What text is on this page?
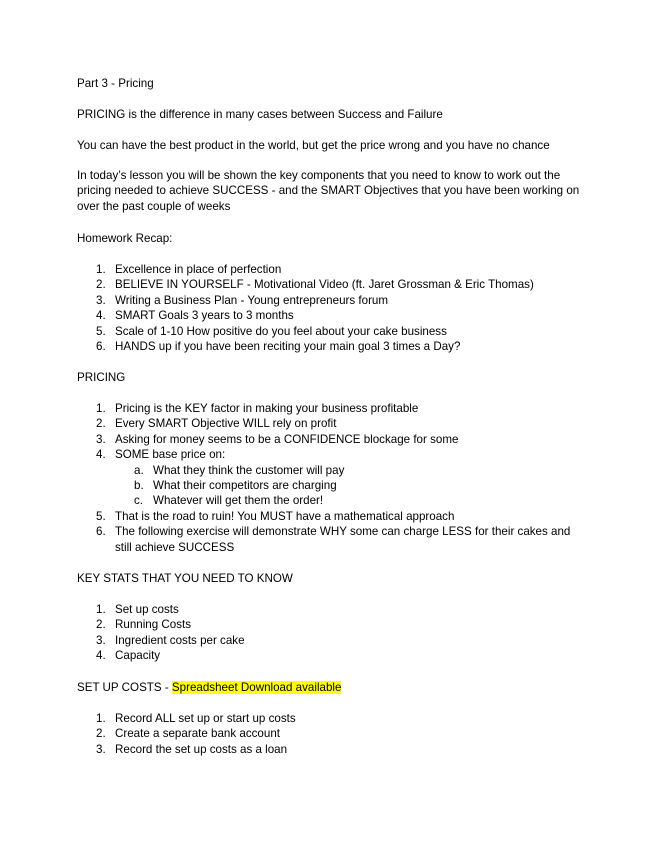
Part 3 - Pricing

PRICING is the difference in many cases between Success and Failure

You can have the best product in the world, but get the price wrong and you have no chance

In today’s lesson you will be shown the key components that you need to know to work out the pricing needed to achieve SUCCESS - and the SMART Objectives that you have been working on over the past couple of weeks

Homework Recap:

1. Excellence in place of perfection
2. BELIEVE IN YOURSELF - Motivational Video (ft. Jaret Grossman & Eric Thomas)
3. Writing a Business Plan - Young entrepreneurs forum
4. SMART Goals 3 years to 3 months
5. Scale of 1-10 How positive do you feel about your cake business
6. HANDS up if you have been reciting your main goal 3 times a Day?

PRICING

1. Pricing is the KEY factor in making your business profitable
2. Every SMART Objective WILL rely on profit
3. Asking for money seems to be a CONFIDENCE blockage for some
4. SOME base price on:
a. What they think the customer will pay
b. What their competitors are charging
c. Whatever will get them the order!
5. That is the road to ruin! You MUST have a mathematical approach
6. The following exercise will demonstrate WHY some can charge LESS for their cakes and still achieve SUCCESS

KEY STATS THAT YOU NEED TO KNOW

1. Set up costs
2. Running Costs
3. Ingredient costs per cake
4. Capacity

SET UP COSTS - Spreadsheet Download available

1. Record ALL set up or start up costs
2. Create a separate bank account
3. Record the set up costs as a loan
